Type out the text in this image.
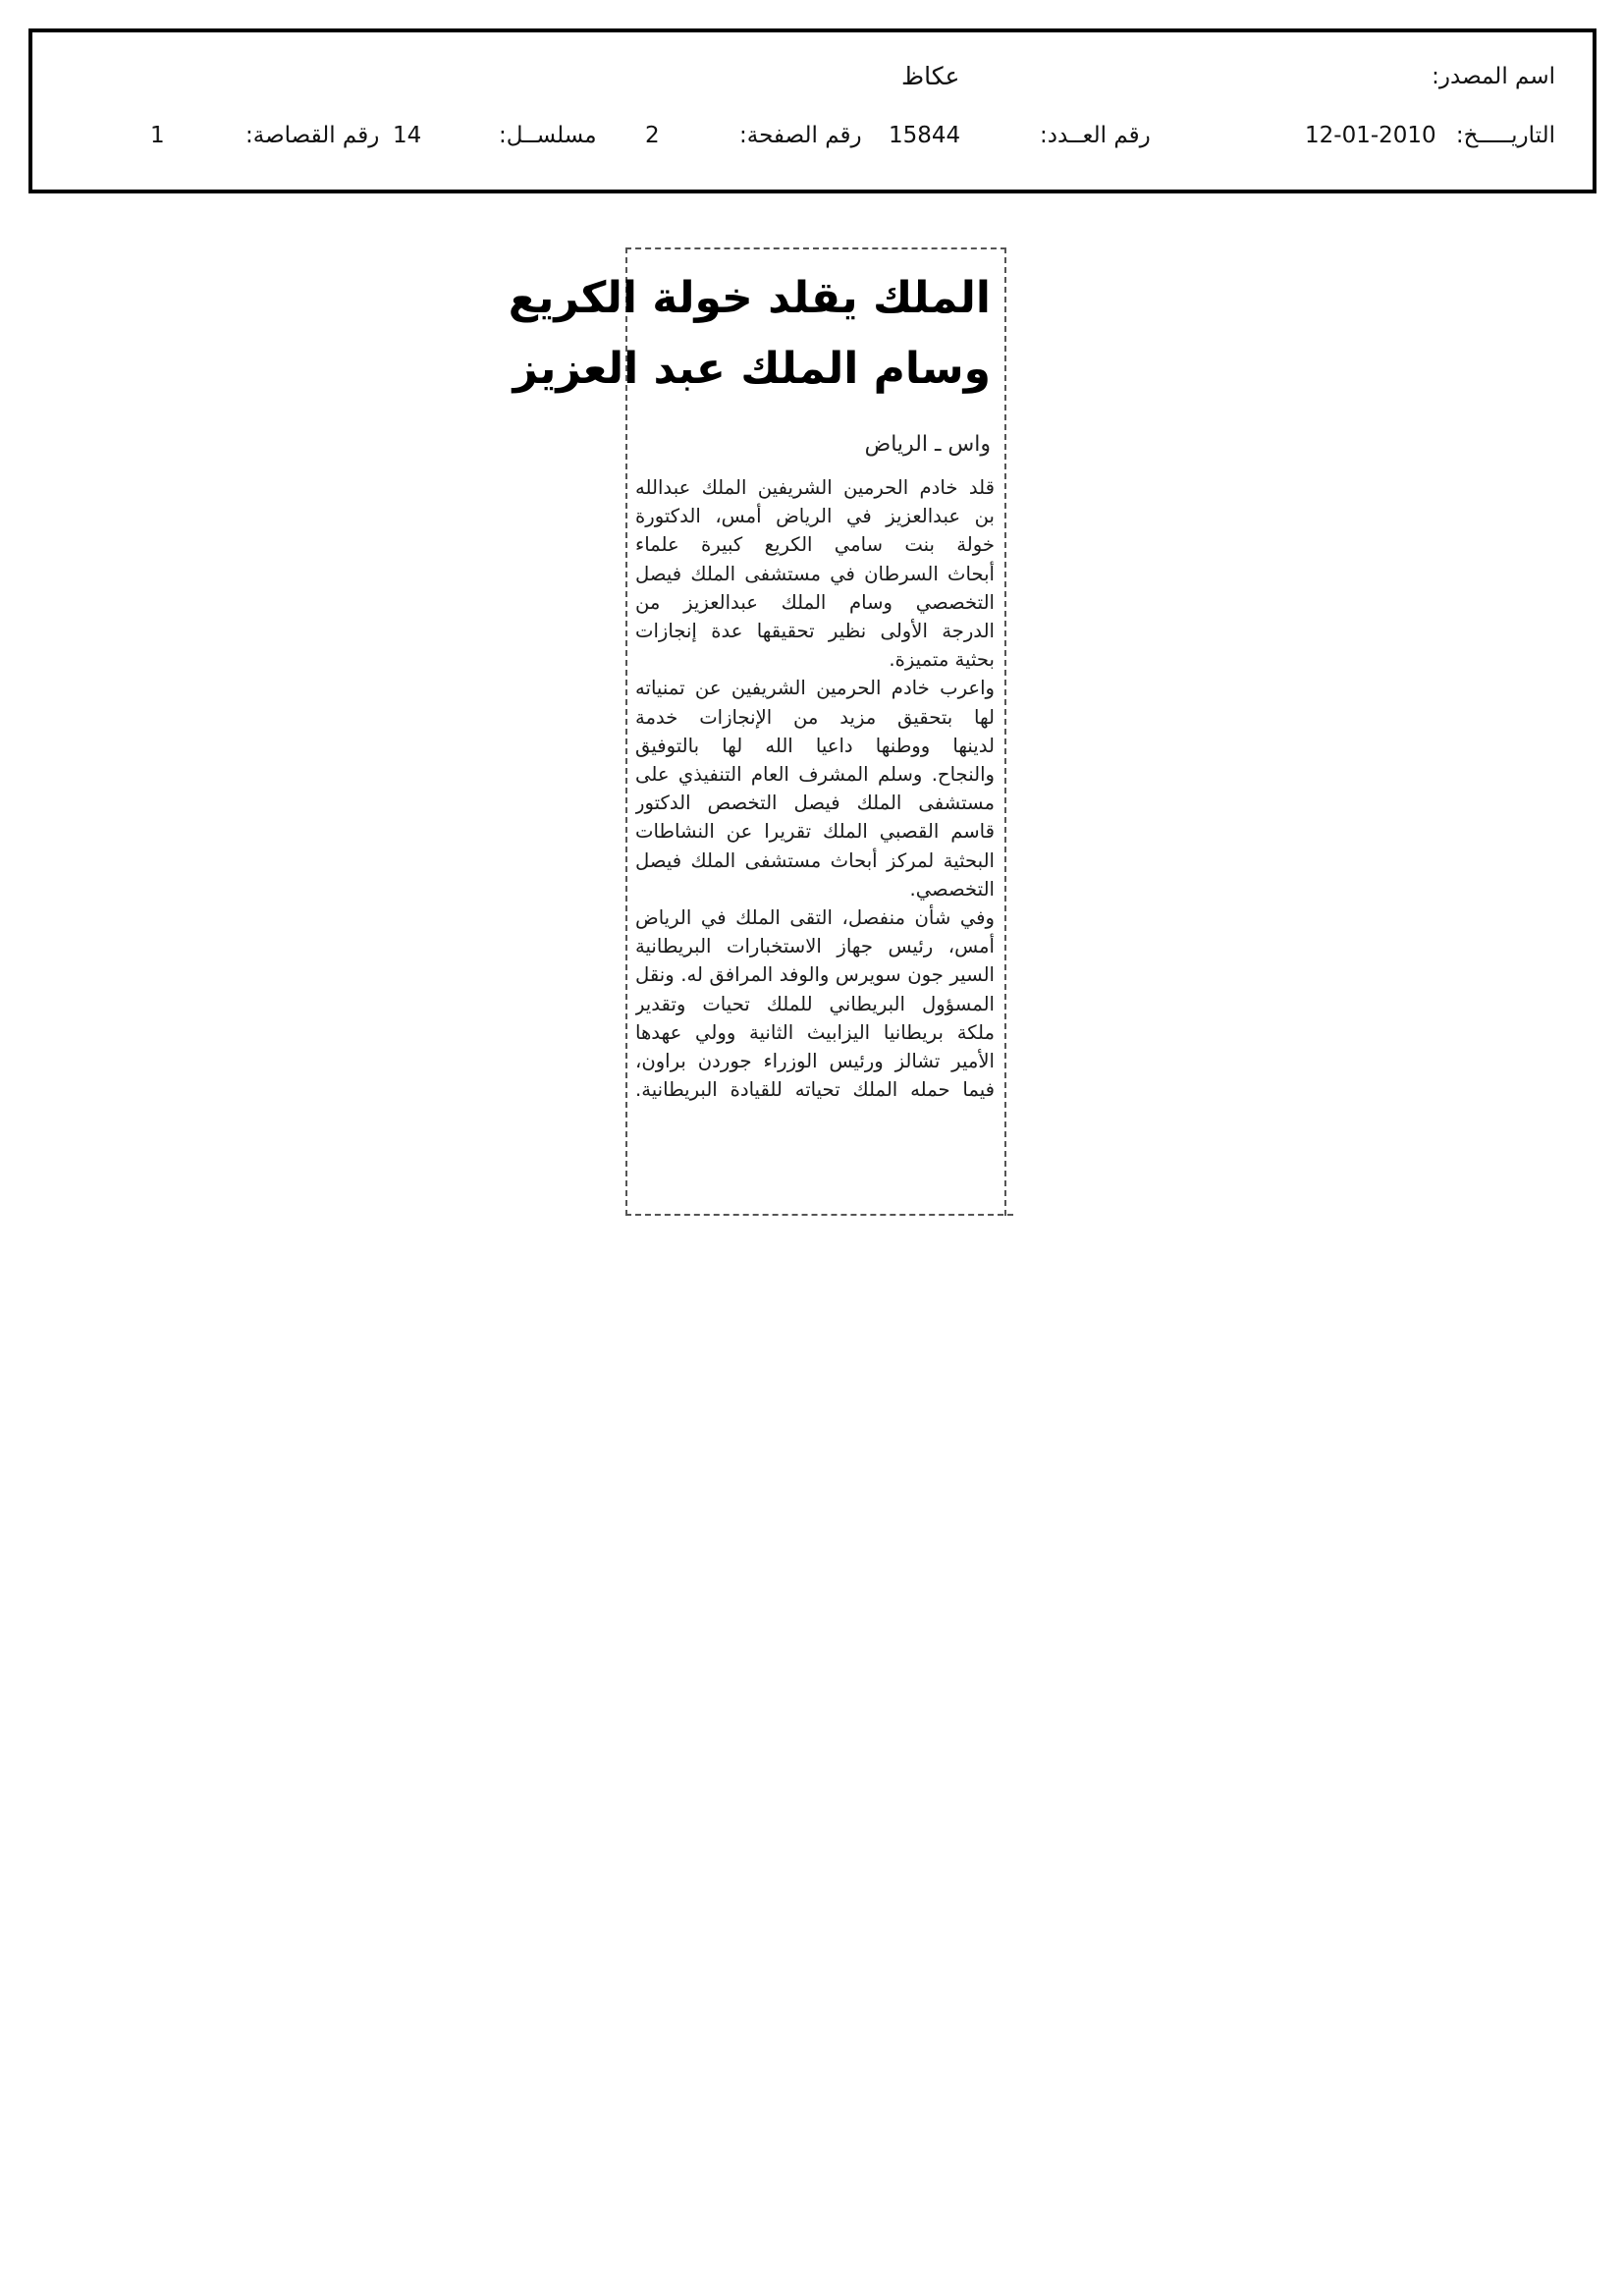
اسم المصدر:
عكاظ
التاريـــــخ:
12-01-2010
رقم العــدد:
15844
رقم الصفحة:
2
مسلســل:
14
رقم القصاصة:
1
الملك يقلد خولة الكريع
وسام الملك عبد العزيز
واس ـ الرياض

قلد خادم الحرمين الشريفين الملك عبدالله
بن عبدالعزيز في الرياض أمس، الدكتورة
خولة بنت سامي الكريع كبيرة علماء
أبحاث السرطان في مستشفى الملك فيصل
التخصصي وسام الملك عبدالعزيز من
الدرجة الأولى نظير تحقيقها عدة إنجازات
بحثية متميزة.

واعرب خادم الحرمين الشريفين عن تمنياته
لها بتحقيق مزيد من الإنجازات خدمة
لدينها ووطنها داعيا الله لها بالتوفيق
والنجاح. وسلم المشرف العام التنفيذي على
مستشفى الملك فيصل التخصص الدكتور
قاسم القصبي الملك تقريرا عن النشاطات
البحثية لمركز أبحاث مستشفى الملك فيصل
التخصصي.

وفي شأن منفصل، التقى الملك في الرياض
أمس، رئيس جهاز الاستخبارات البريطانية
السير جون سويرس والوفد المرافق له. ونقل
المسؤول البريطاني للملك تحيات وتقدير
ملكة بريطانيا اليزابيث الثانية وولي عهدها
الأمير تشالز ورئيس الوزراء جوردن براون،
فيما حمله الملك تحياته للقيادة البريطانية.
